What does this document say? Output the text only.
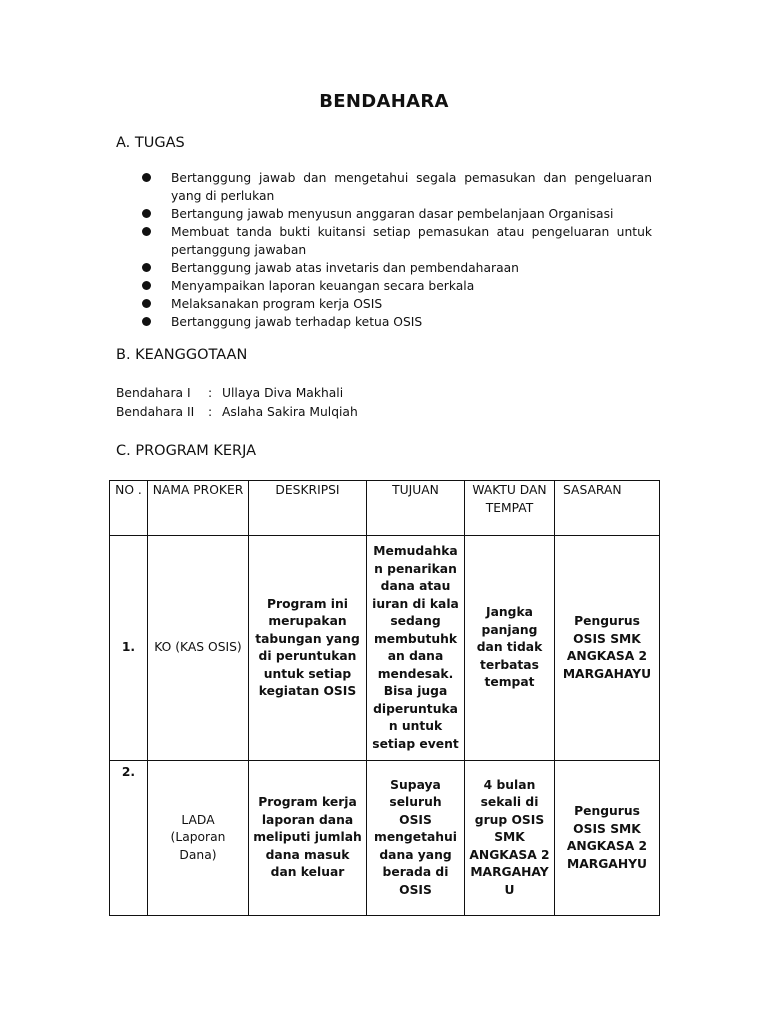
BENDAHARA
A. TUGAS
Bertanggung jawab dan mengetahui segala pemasukan dan pengeluaran yang di perlukan
Bertangung jawab menyusun anggaran dasar pembelanjaan Organisasi
Membuat tanda bukti kuitansi setiap pemasukan atau pengeluaran untuk pertanggung jawaban
Bertanggung jawab atas invetaris dan pembendaharaan
Menyampaikan laporan keuangan secara berkala
Melaksanakan program kerja OSIS
Bertanggung jawab terhadap ketua OSIS
B. KEANGGOTAAN
Bendahara I	: Ullaya Diva Makhali
Bendahara II	: Aslaha Sakira Mulqiah
C. PROGRAM KERJA
NO .	NAMA PROKER	DESKRIPSI	TUJUAN	WAKTU DAN TEMPAT	SASARAN
1.	KO (KAS OSIS)	Program ini merupakan tabungan yang di peruntukan untuk setiap kegiatan OSIS	Memudahkan penarikan dana atau iuran di kala sedang membutuhkan dana mendesak. Bisa juga diperuntukan untuk setiap event	Jangka panjang dan tidak terbatas tempat	Pengurus OSIS SMK ANGKASA 2 MARGAHAYU
2.	LADA (Laporan Dana)	Program kerja laporan dana meliputi jumlah dana masuk dan keluar	Supaya seluruh OSIS mengetahui dana yang berada di OSIS	4 bulan sekali di grup OSIS SMK ANGKASA 2 MARGAHAYU	Pengurus OSIS SMK ANGKASA 2 MARGAHYU
